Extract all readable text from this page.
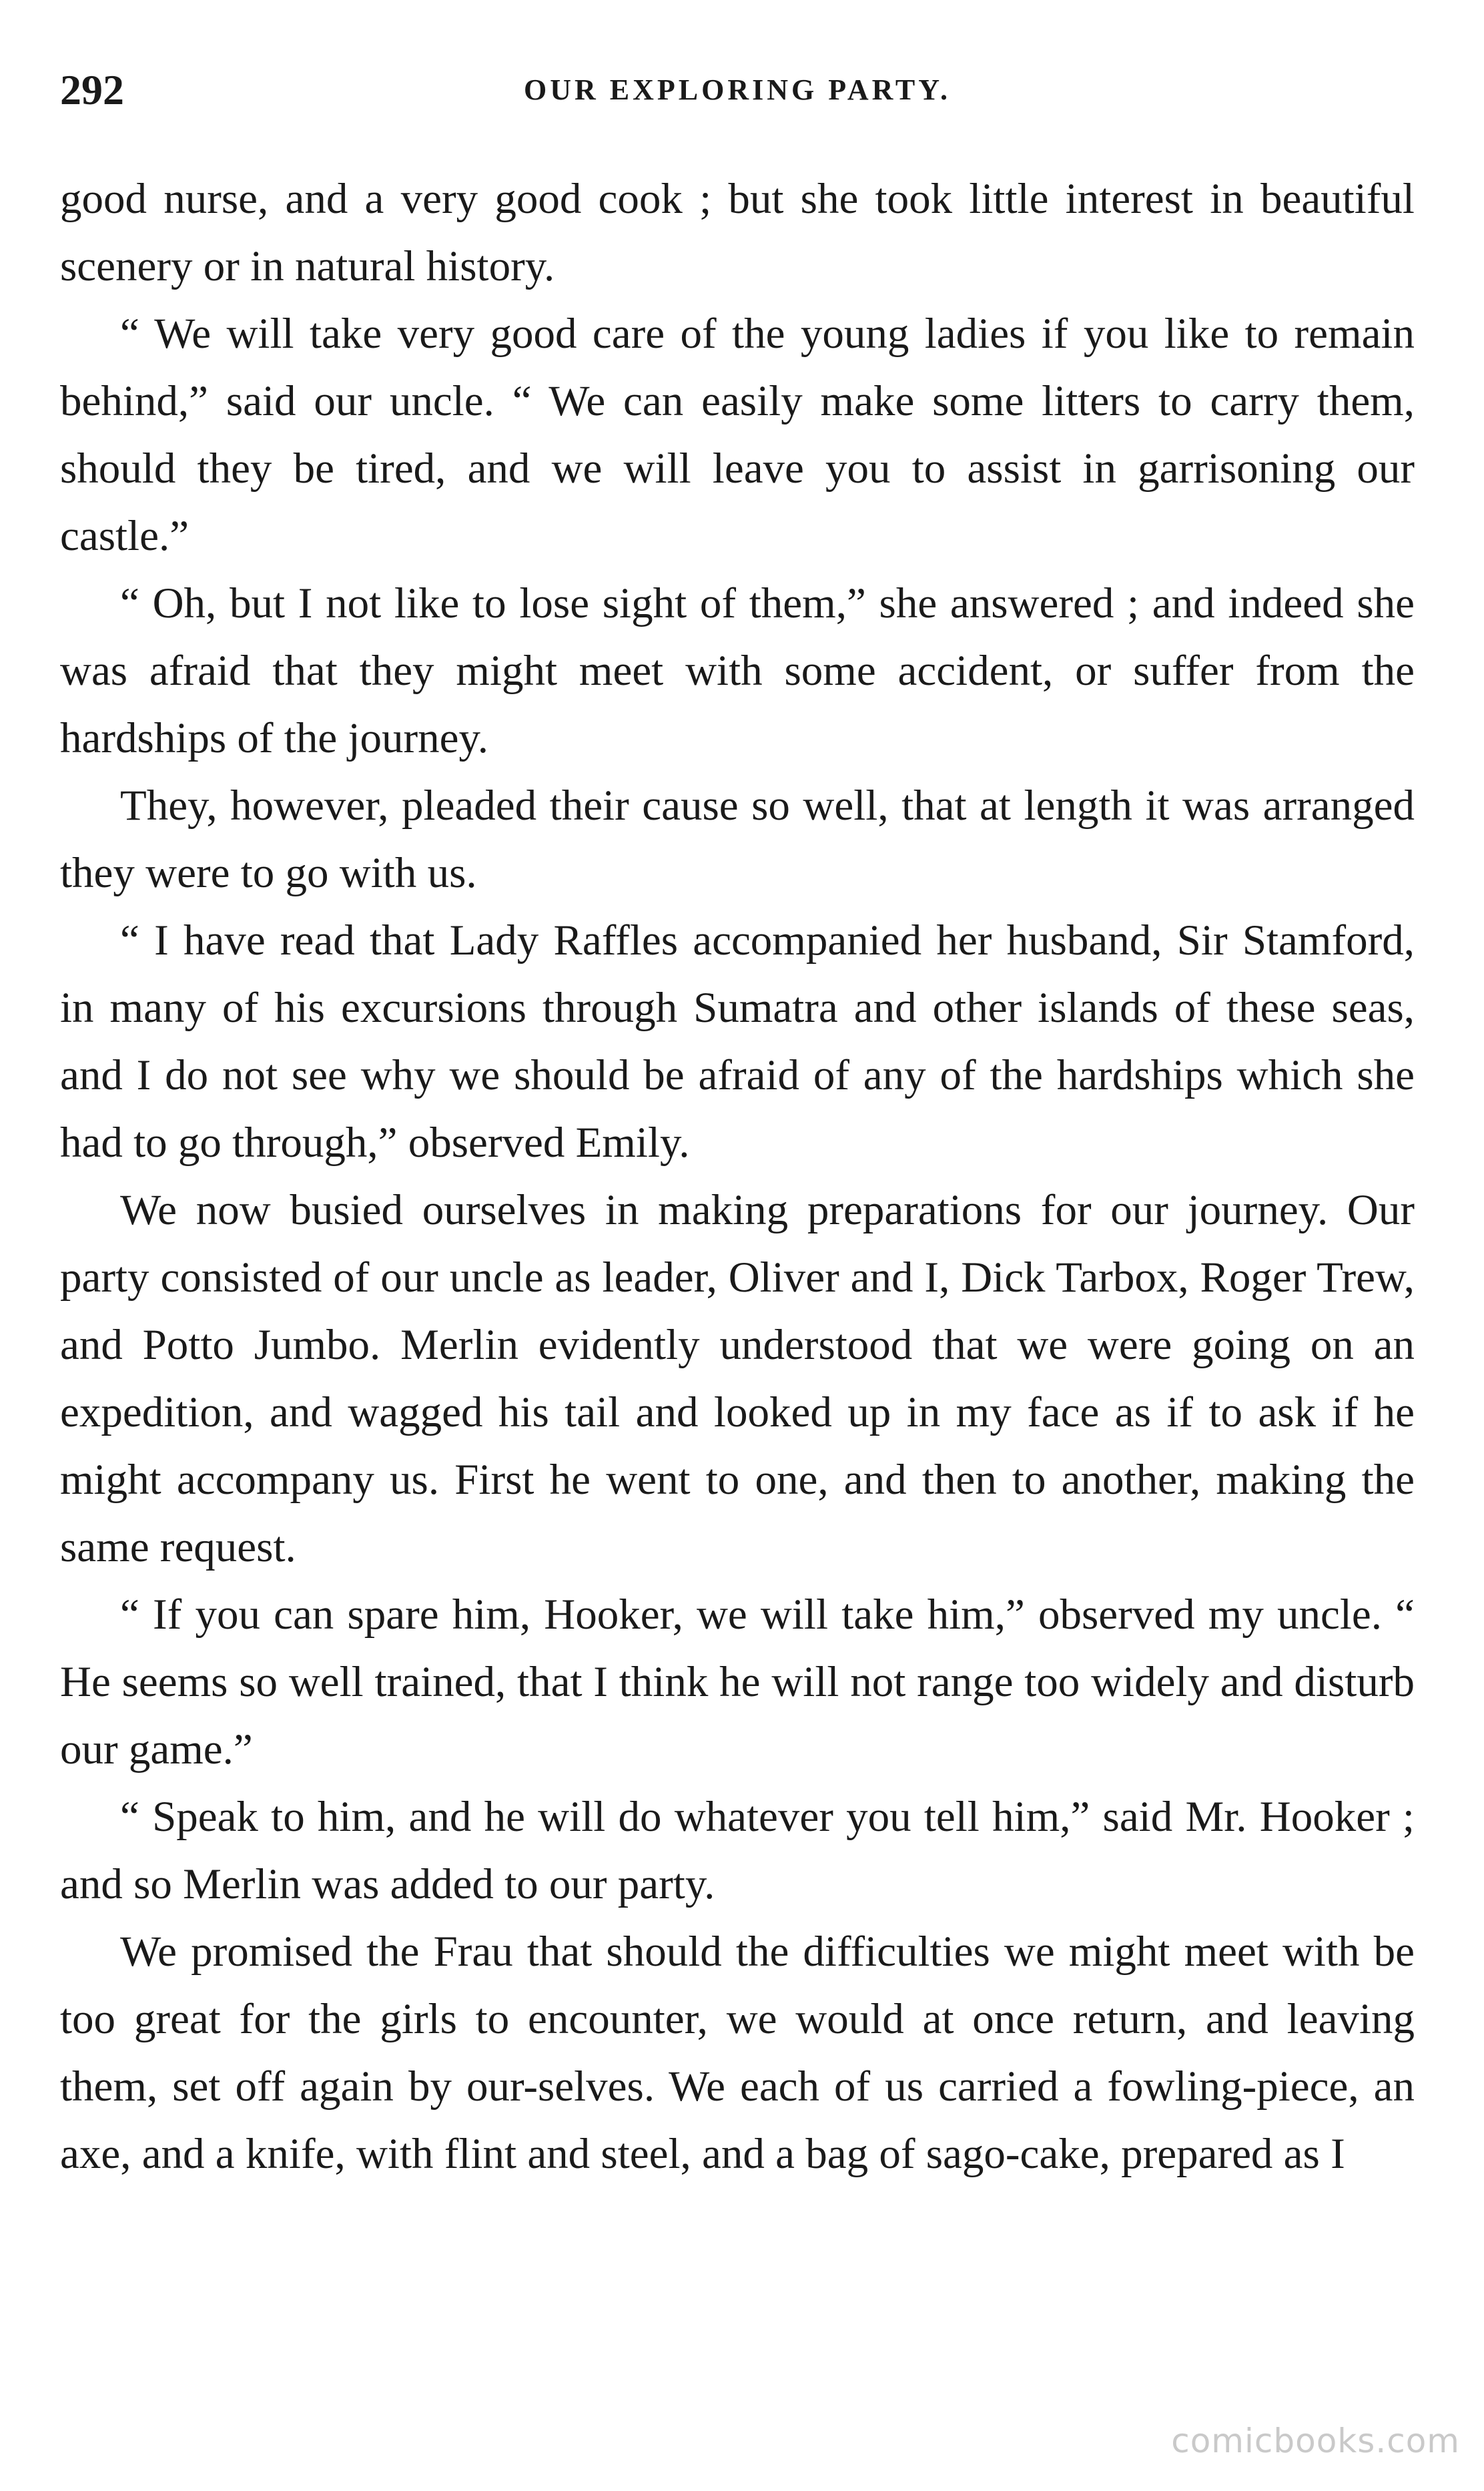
292	OUR EXPLORING PARTY.

good nurse, and a very good cook ; but she took little interest in beautiful scenery or in natural history.

“ We will take very good care of the young ladies if you like to remain behind,” said our uncle. “ We can easily make some litters to carry them, should they be tired, and we will leave you to assist in garrisoning our castle.”

“ Oh, but I not like to lose sight of them,” she answered ; and indeed she was afraid that they might meet with some accident, or suffer from the hardships of the journey.

They, however, pleaded their cause so well, that at length it was arranged they were to go with us.

“ I have read that Lady Raffles accompanied her husband, Sir Stamford, in many of his excursions through Sumatra and other islands of these seas, and I do not see why we should be afraid of any of the hardships which she had to go through,” observed Emily.

We now busied ourselves in making preparations for our journey. Our party consisted of our uncle as leader, Oliver and I, Dick Tarbox, Roger Trew, and Potto Jumbo. Merlin evidently understood that we were going on an expedition, and wagged his tail and looked up in my face as if to ask if he might accompany us. First he went to one, and then to another, making the same request.

“ If you can spare him, Hooker, we will take him,” observed my uncle. “ He seems so well trained, that I think he will not range too widely and disturb our game.”

“ Speak to him, and he will do whatever you tell him,” said Mr. Hooker ; and so Merlin was added to our party.

We promised the Frau that should the difficulties we might meet with be too great for the girls to encounter, we would at once return, and leaving them, set off again by our-selves. We each of us carried a fowling-piece, an axe, and a knife, with flint and steel, and a bag of sago-cake, prepared as I

comicbooks.com
